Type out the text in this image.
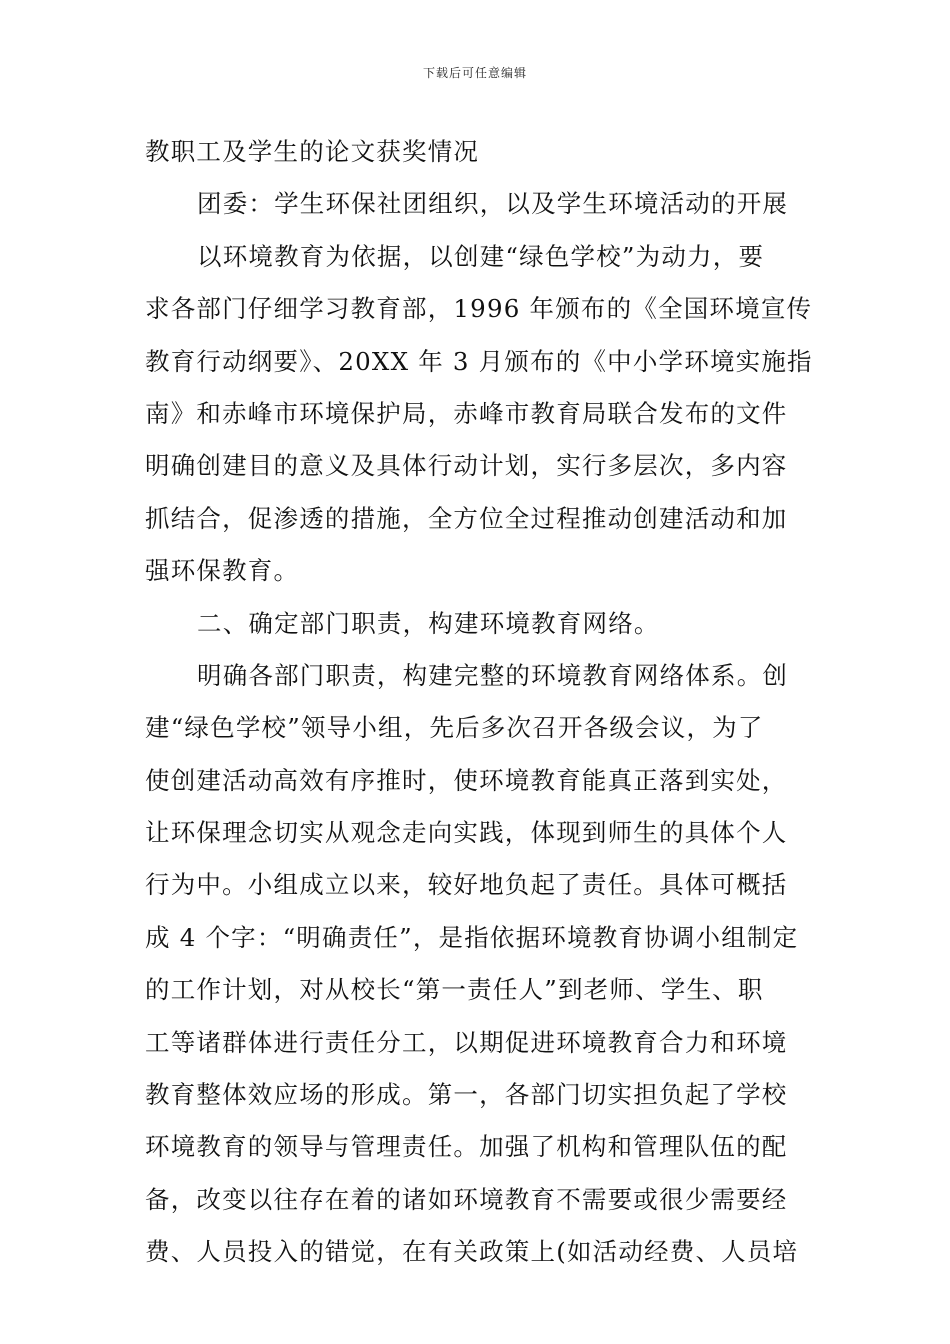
下载后可任意编辑
教职工及学生的论文获奖情况
团委：学生环保社团组织，以及学生环境活动的开展
以环境教育为依据，以创建“绿色学校”为动力，要
求各部门仔细学习教育部，1996 年颁布的《全国环境宣传
教育行动纲要》、20XX 年 3 月颁布的《中小学环境实施指
南》和赤峰市环境保护局，赤峰市教育局联合发布的文件
明确创建目的意义及具体行动计划，实行多层次，多内容
抓结合，促渗透的措施，全方位全过程推动创建活动和加
强环保教育。
二、确定部门职责，构建环境教育网络。
明确各部门职责，构建完整的环境教育网络体系。创
建“绿色学校”领导小组，先后多次召开各级会议，为了
使创建活动高效有序推时，使环境教育能真正落到实处，
让环保理念切实从观念走向实践，体现到师生的具体个人
行为中。小组成立以来，较好地负起了责任。具体可概括
成 4 个字：“明确责任”，是指依据环境教育协调小组制定
的工作计划，对从校长“第一责任人”到老师、学生、职
工等诸群体进行责任分工，以期促进环境教育合力和环境
教育整体效应场的形成。第一，各部门切实担负起了学校
环境教育的领导与管理责任。加强了机构和管理队伍的配
备，改变以往存在着的诸如环境教育不需要或很少需要经
费、人员投入的错觉，在有关政策上(如活动经费、人员培
